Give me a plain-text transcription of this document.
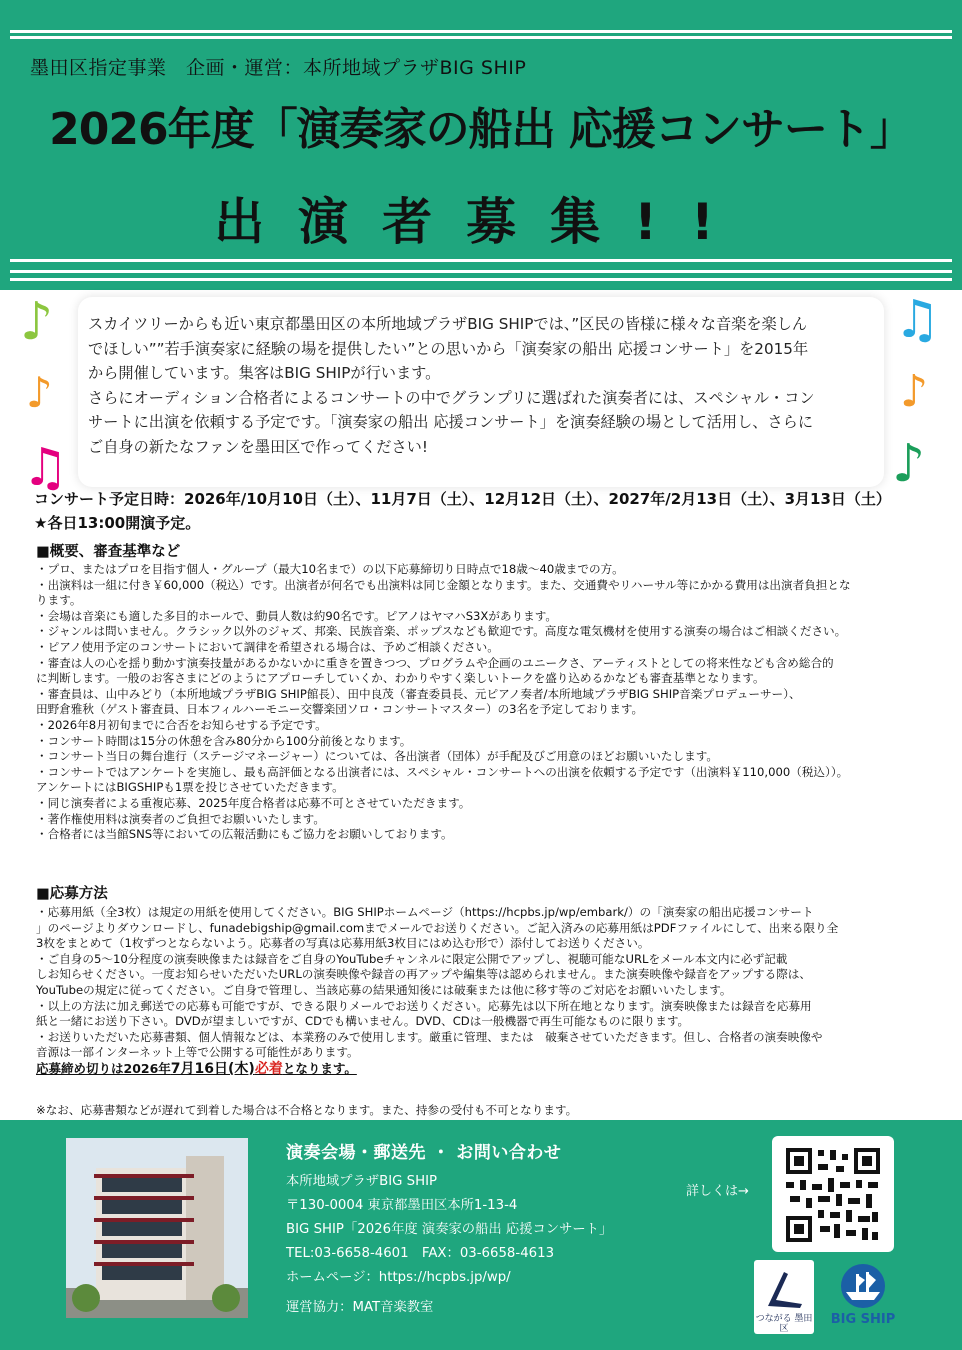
墨田区指定事業　企画・運営：本所地域プラザBIG SHIP
2026年度「演奏家の船出 応援コンサート」
出演者募集!!

スカイツリーからも近い東京都墨田区の本所地域プラザBIG SHIPでは、”区民の皆様に様々な音楽を楽しん

でほしい””若手演奏家に経験の場を提供したい”との思いから「演奏家の船出 応援コンサート」を2015年

から開催しています。集客はBIG SHIPが行います。

さらにオーディション合格者によるコンサートの中でグランプリに選ばれた演奏者には、スペシャル・コン

サートに出演を依頼する予定です。「演奏家の船出 応援コンサート」を演奏経験の場として活用し、さらに

ご自身の新たなファンを墨田区で作ってください!

♪
♪
♫
♫
♪
♪
コンサート予定日時：2026年/10月10日（土）、11月7日（土）、12月12日（土）、2027年/2月13日（土）、3月13日（土）
★各日13:00開演予定。
■概要、審査基準など
・プロ、またはプロを目指す個人・グループ（最大10名まで）の以下応募締切り日時点で18歳～40歳までの方。
・出演料は一組に付き￥60,000（税込）です。出演者が何名でも出演料は同じ金額となります。また、交通費やリハーサル等にかかる費用は出演者負担とな
ります。
・会場は音楽にも適した多目的ホールで、動員人数は約90名です。ピアノはヤマハS3Xがあります。
・ジャンルは問いません。クラシック以外のジャズ、邦楽、民族音楽、ポップスなども歓迎です。高度な電気機材を使用する演奏の場合はご相談ください。
・ピアノ使用予定のコンサートにおいて調律を希望される場合は、予めご相談ください。
・審査は人の心を揺り動かす演奏技量があるかないかに重きを置きつつ、プログラムや企画のユニークさ、アーティストとしての将来性なども含め総合的
に判断します。一般のお客さまにどのようにアプローチしていくか、わかりやすく楽しいトークを盛り込めるかなども審査基準となります。
・審査員は、山中みどり（本所地域プラザBIG SHIP館長）、田中良茂（審査委員長、元ピアノ奏者/本所地域プラザBIG SHIP音楽プロデューサー）、
田野倉雅秋（ゲスト審査員、日本フィルハーモニー交響楽団ソロ・コンサートマスター）の3名を予定しております。
・2026年8月初旬までに合否をお知らせする予定です。
・コンサート時間は15分の休憩を含み80分から100分前後となります。
・コンサート当日の舞台進行（ステージマネージャー）については、各出演者（団体）が手配及びご用意のほどお願いいたします。
・コンサートではアンケートを実施し、最も高評価となる出演者には、スペシャル・コンサートへの出演を依頼する予定です（出演料￥110,000（税込））。
アンケートにはBIGSHIPも1票を投じさせていただきます。
・同じ演奏者による重複応募、2025年度合格者は応募不可とさせていただきます。
・著作権使用料は演奏者のご負担でお願いいたします。
・合格者には当館SNS等においての広報活動にもご協力をお願いしております。
■応募方法
・応募用紙（全3枚）は規定の用紙を使用してください。BIG SHIPホームページ（https://hcpbs.jp/wp/embark/）の「演奏家の船出応援コンサート
」のページよりダウンロードし、funadebigship@gmail.comまでメールでお送りください。ご記入済みの応募用紙はPDFファイルにして、出来る限り全
3枚をまとめて（1枚ずつとならないよう。応募者の写真は応募用紙3枚目にはめ込む形で）添付してお送りください。
・ご自身の5～10分程度の演奏映像または録音をご自身のYouTubeチャンネルに限定公開でアップし、視聴可能なURLをメール本文内に必ず記載
しお知らせください。一度お知らせいただいたURLの演奏映像や録音の再アップや編集等は認められません。また演奏映像や録音をアップする際は、
YouTubeの規定に従ってください。ご自身で管理し、当該応募の結果通知後には破棄または他に移す等のご対応をお願いいたします。
・以上の方法に加え郵送での応募も可能ですが、できる限りメールでお送りください。応募先は以下所在地となります。演奏映像または録音を応募用
紙と一緒にお送り下さい。DVDが望ましいですが、CDでも構いません。DVD、CDは一般機器で再生可能なものに限ります。
・お送りいただいた応募書類、個人情報などは、本業務のみで使用します。厳重に管理、または　破棄させていただきます。但し、合格者の演奏映像や
音源は一部インターネット上等で公開する可能性があります。
応募締め切りは2026年7月16日(木)必着となります。
※なお、応募書類などが遅れて到着した場合は不合格となります。また、持参の受付も不可となります。
演奏会場・郵送先 ・ お問い合わせ
本所地域プラザBIG SHIP
〒130-0004 東京都墨田区本所1-13-4
BIG SHIP「2026年度 演奏家の船出 応援コンサート」
TEL:03-6658-4601　FAX：03-6658-4613
ホームページ：https://hcpbs.jp/wp/
運営協力：MAT音楽教室
詳しくは→
つながる 墨田区
BIG SHIP
